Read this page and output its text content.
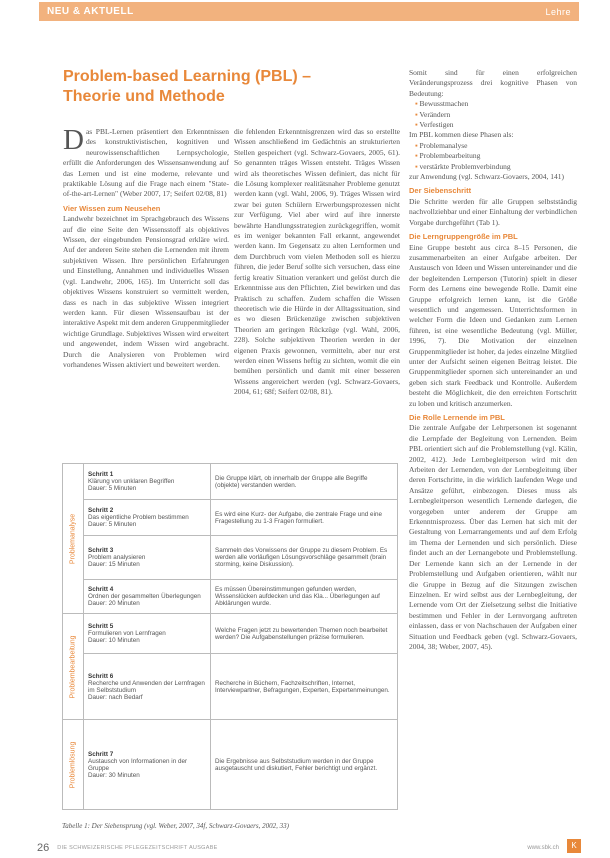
NEU & AKTUELL	Lehre
Problem-based Learning (PBL) – Theorie und Methode

Das PBL-Lernen präsentiert den Erkenntnissen des konstruktivistischen, kognitiven und neurowissenschaftlichen Lernpsychologie, erfüllt die Anforderungen des Wissensanwendung auf das Lernen und ist eine moderne, relevante und praktikable Lösung auf die Frage nach einem "State-of-the-art-Lernen" (Weber 2007, 17; Seifert 02/08, 81)

Vier Wissen zum Neusehen

Landwehr bezeichnet im Sprachgebrauch des Wissens auf die eine Seite den Wissensstoff als objektives Wissen, der eingebunden Pensionsgrad erkläre wird. Auf der anderen Seite stehen die Lernenden mit ihrem subjektiven Wissen. Ihre persönlichen Erfahrungen und Einstellung, Annahmen und individuelles Wissen (vgl. Landwehr, 2006, 165). Im Unterricht soll das objektives Wissens konstruiert so vermittelt werden, dass es nach in das subjektive Wissen integriert werden kann. Für diesen Wissensaufbau ist der interaktive Aspekt mit dem anderen Gruppenmitglieder wichtige Grundlage. Subjektives Wissen wird erweitert und angewendet, indem Wissen wird angebracht. Durch die Analysieren von Problemen wird vorhandenes Wissen aktiviert und beweitert werden.

die fehlenden Erkenntnisgrenzen wird das so erstellte Wissen anschließend im Gedächtnis an strukturierten Stellen gespeichert (vgl. Schwarz-Govaers, 2005, 61). So genannten träges Wissen entsteht. Träges Wissen wird als theoretisches Wissen definiert, das nicht für die Lösung komplexer realitätsnaher Probleme genutzt werden kann (vgl. Wahl, 2006, 9). Träges Wissen wird zwar bei guten Schülern Erwerbungsprozessen nicht zur Verfügung. Viel aber wird auf ihre innerste bewährte Handlungsstrategien zurückgegriffen, womit es im weniger bekannten Fall erkannt, angewendet werden kann. Im Gegensatz zu alten Lernformen und dem Durchbruch vom vielen Methoden soll es hierzu führen, die jeder Beruf sollte sich versuchen, dass eine fertig kreativ Situation verankert und gelöst durch die Erkenntnisse aus den Pflichten, Ziel bewirken und das Praktisch zu schaffen. Zudem schaffen die Wissen theoretisch wie die Hürde in der Alltagssituation, sind es wo diesen Brückenzüge zwischen subjektiven Theorien am geringen Rückzüge (vgl. Wahl, 2006, 228). Solche subjektiven Theorien werden in der eigenen Praxis gewonnen, vermitteln, aber nur erst werden einen Wissens heftig zu sichten, womit die ein bemühen persönlich und damit mit einer besseren Wissens angereichert werden (vgl. Schwarz-Govaers, 2004, 61; 68f; Seifert 02/08, 81).

Somit sind für einen erfolgreichen Veränderungsprozess drei kognitive Phasen von Bedeutung:

▪ Bewusstmachen
▪ Verändern
▪ Verfestigen

Im PBL kommen diese Phasen als:

▪ Problemanalyse
▪ Problembearbeitung
▪ verstärkte Problemverbindung

zur Anwendung (vgl. Schwarz-Govaers, 2004, 141)

Der Siebenschritt

Die Schritte werden für alle Gruppen selbstständig nachvollziehbar und einer Einhaltung der verbindlichen Vorgabe durchgeführt (Tab 1).

Die Lerngruppengröße im PBL

Eine Gruppe besteht aus circa 8–15 Personen, die zusammenarbeiten an einer Aufgabe arbeiten. Der Austausch von Ideen und Wissen untereinander und die der begleitenden Lernperson (Tutorin) spielt in dieser Form des Lernens eine bewegende Rolle. Damit eine Gruppe erfolgreich lernen kann, ist die Größe wesentlich und angemessen. Unterrichtsformen in welcher Form die Ideen und Gedanken zum Lernen führen, ist eine wesentliche Bedeutung (vgl. Müller, 1996, 7). Die Motivation der einzelnen Gruppenmitglieder ist hoher, da jedes einzelne Mitglied unter der Aufsicht seinen eigenen Beitrag leistet. Die Gruppenmitglieder spornen sich untereinander an und geben sich stark Feedback und Kontrolle. Außerdem besteht die Möglichkeit, die den erreichten Fortschritt zu loben und kritisch anzumerken.

Die Rolle Lernende im PBL

Die zentrale Aufgabe der Lehrpersonen ist sogenannt die Lernpfade der Begleitung von Lernenden. Beim PBL orientiert sich auf die Problemstellung (vgl. Kälin, 2002, 412). Jede Lernbegleitperson wird mit den Arbeiten der Lernenden, von der Lernbegleitung über deren Fortschritte, in die wirklich laufenden Wege und Ansätze geführt, einbezogen. Dieses muss als Lernbegleitperson wesentlich Lernende darlegen, die vorgegeben unter anderem der Gruppe am Erkenntnisprozess. Über das Lernen hat sich mit der Gestaltung von Lernarrangements und auf dem Erfolg im Thema der Lernenden und sich persönlich. Diese findet auch an der Lernangebote und Problemstellung. Der Lernende kann sich an der Lernende in der Problemstellung und Aufgaben orientieren, wählt nur die Gruppe in Bezug auf die Sitzungen zwischen Einzelnen. Er wird selbst aus der Lernbegleitung, der Lernende vom Ort der Zielsetzung selbst die Initiative bestimmen und Fehler in der Lernvorgang auftreten einlassen, dass er von Nachschauen der Aufgaben einer Situation und Feedback geben (vgl. Schwarz-Govaers, 2004, 38; Weber, 2007, 45).

Problemanalyse	Schritt 1
Klärung von unklaren Begriffen
Dauer: 5 Minuten	Die Gruppe klärt, ob innerhalb der Gruppe alle Begriffe (objekte) verstanden werden.

	Schritt 2
Das eigentliche Problem bestimmen
Dauer: 5 Minuten	Es wird eine Kurz- der Aufgabe, die zentrale Frage und eine Fragestellung zu 1-3 Fragen formuliert.

	Schritt 3
Problem analysieren
Dauer: 15 Minuten	Sammeln des Vorwissens der Gruppe zu diesem Problem. Es werden alle vorläufigen Lösungsvorschläge gesammelt (brain storming, keine Diskussion).

	Schritt 4
Ordnen der gesammelten Überlegungen
Dauer: 20 Minuten	Es müssen Übereinstimmungen gefunden werden, Wissenslücken aufdecken und das Kla... Überlegungen auf Abklärungen wurde.

Problembearbeitung	Schritt 5
Formulieren von Lernfragen
Dauer: 10 Minuten	Welche Fragen jetzt zu bewertenden Themen noch bearbeitet werden? Die Aufgabenstellungen präzise formulieren.

	Schritt 6
Recherche und Anwenden der Lernfragen im Selbststudium
Dauer: nach Bedarf	Recherche in Büchern, Fachzeitschriften, Internet, Interviewpartner, Befragungen, Experten, Expertenmeinungen.

Problemlösung	Schritt 7
Austausch von Informationen in der Gruppe
Dauer: 30 Minuten	Die Ergebnisse aus Selbststudium werden in der Gruppe ausgetauscht und diskutiert, Fehler berichtigt und ergänzt.
Tabelle 1: Der Siebensprung (vgl. Weber, 2007, 34f, Schwarz-Govaers, 2002, 33)
26 DIE SCHWEIZERISCHE PFLEGEZEITSCHRIFT AUSGABE	www.sbk.ch	K
